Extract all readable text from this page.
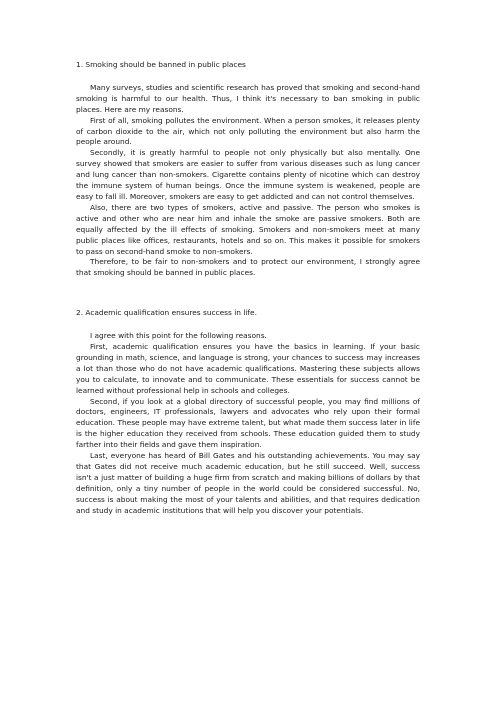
1. Smoking should be banned in public places

Many surveys, studies and scientific research has proved that smoking and second-hand smoking is harmful to our health. Thus, I think it's necessary to ban smoking in public places. Here are my reasons.

First of all, smoking pollutes the environment. When a person smokes, it releases plenty of carbon dioxide to the air, which not only polluting the environment but also harm the people around.

Secondly, it is greatly harmful to people not only physically but also mentally. One survey showed that smokers are easier to suffer from various diseases such as lung cancer and lung cancer than non-smokers. Cigarette contains plenty of nicotine which can destroy the immune system of human beings. Once the immune system is weakened, people are easy to fall ill. Moreover, smokers are easy to get addicted and can not control themselves.

Also, there are two types of smokers, active and passive. The person who smokes is active and other who are near him and inhale the smoke are passive smokers. Both are equally affected by the ill effects of smoking. Smokers and non-smokers meet at many public places like offices, restaurants, hotels and so on. This makes it possible for smokers to pass on second-hand smoke to non-smokers.

Therefore, to be fair to non-smokers and to protect our environment, I strongly agree that smoking should be banned in public places.

2. Academic qualification ensures success in life.

I agree with this point for the following reasons.

First, academic qualification ensures you have the basics in learning. If your basic grounding in math, science, and language is strong, your chances to success may increases a lot than those who do not have academic qualifications. Mastering these subjects allows you to calculate, to innovate and to communicate. These essentials for success cannot be learned without professional help in schools and colleges.

Second, if you look at a global directory of successful people, you may find millions of doctors, engineers, IT professionals, lawyers and advocates who rely upon their formal education. These people may have extreme talent, but what made them success later in life is the higher education they received from schools. These education guided them to study farther into their fields and gave them inspiration.

Last, everyone has heard of Bill Gates and his outstanding achievements. You may say that Gates did not receive much academic education, but he still succeed. Well, success isn't a just matter of building a huge firm from scratch and making billions of dollars by that definition, only a tiny number of people in the world could be considered successful. No, success is about making the most of your talents and abilities, and that requires dedication and study in academic institutions that will help you discover your potentials.
